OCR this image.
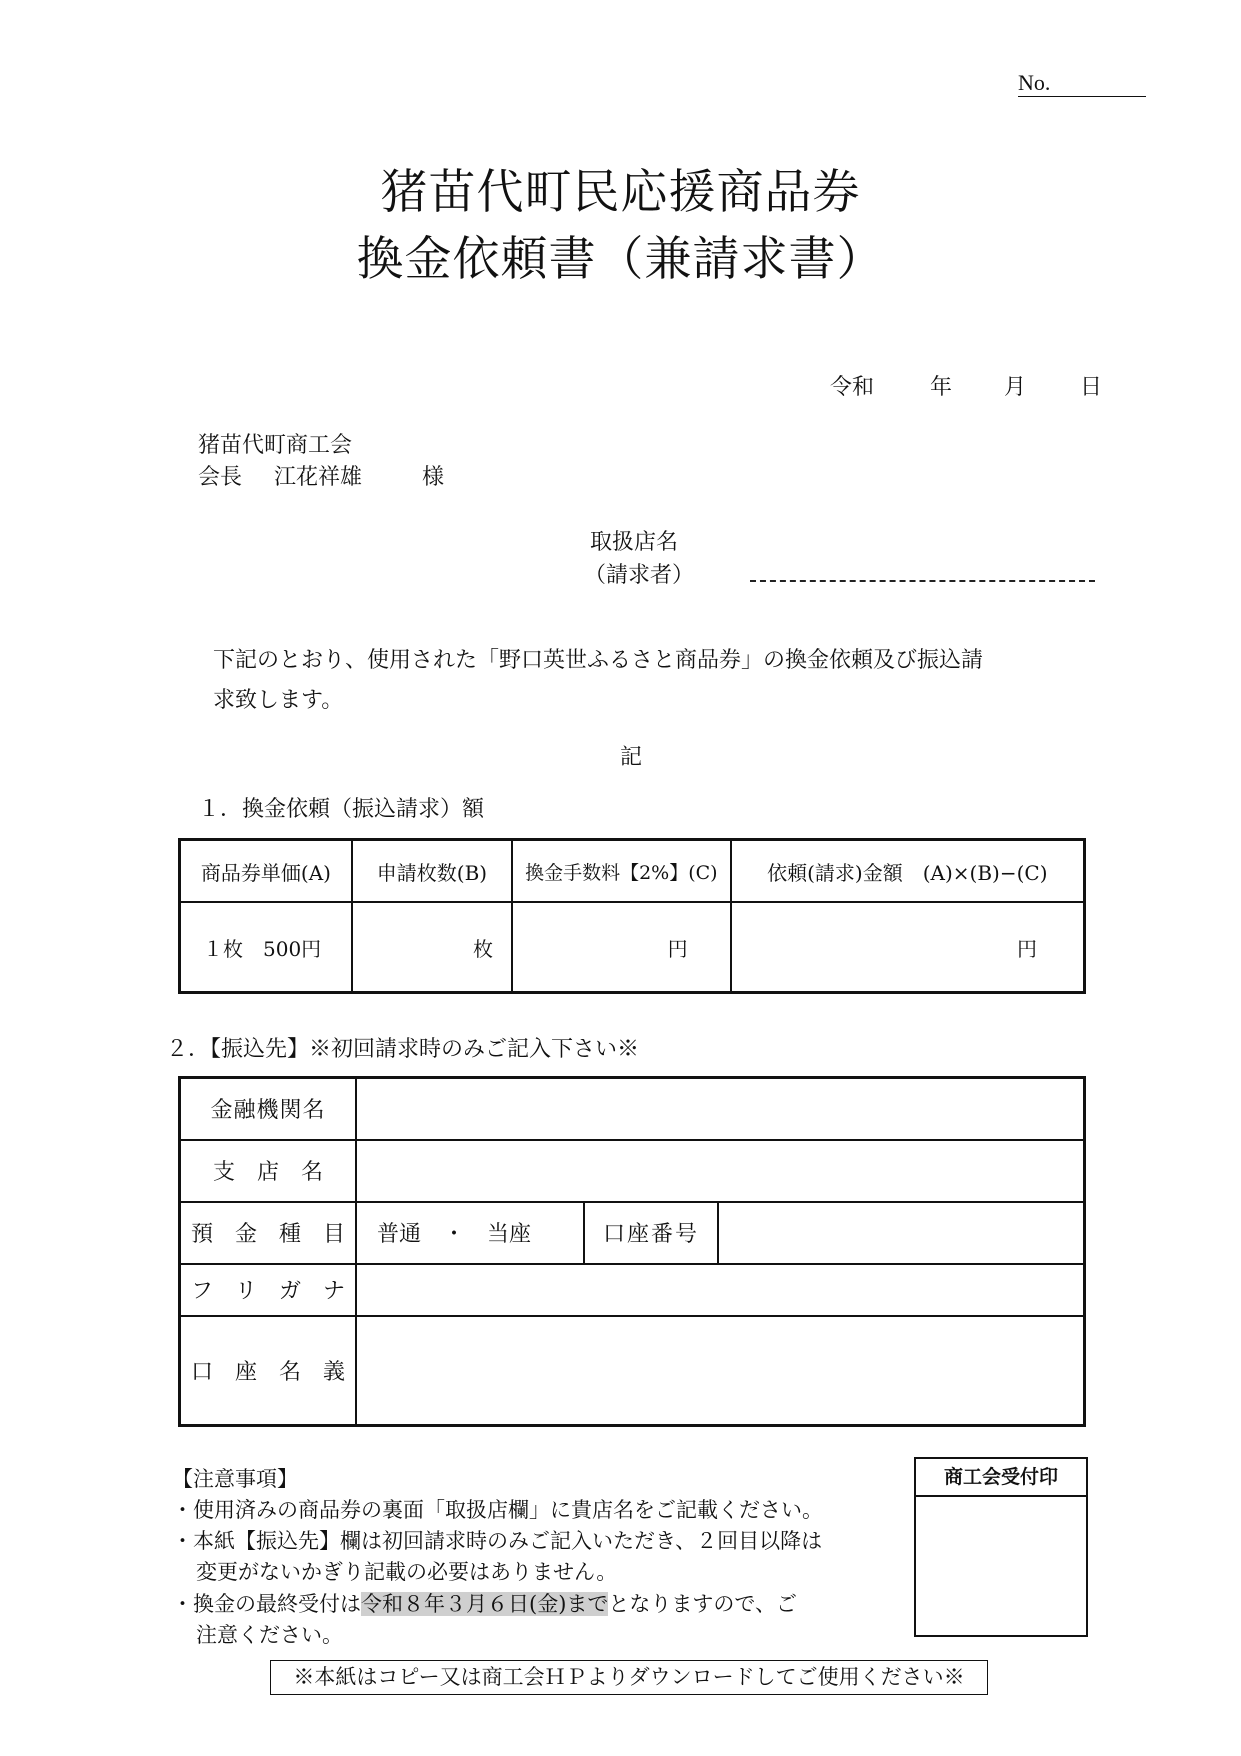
No.
猪苗代町民応援商品券
換金依頼書（兼請求書）
令和	年 月 日
猪苗代町商工会
会長 江花祥雄	様
取扱店名
（請求者）
下記のとおり、使用された「野口英世ふるさと商品券」の換金依頼及び振込請
求致します。
記
１．換金依頼（振込請求）額
商品券単価(A)	申請枚数(B)	換金手数料【2%】(C)	依頼(請求)金額　(A)×(B)−(C)
１枚　500円	枚	円	円
２．【振込先】※初回請求時のみご記入下さい※
金融機関名			
支　店　名			
預　金　種　目	普通　・　当座	口座番号	
フ　リ　ガ　ナ			
口　座　名　義			
【注意事項】
・使用済みの商品券の裏面「取扱店欄」に貴店名をご記載ください。
・本紙【振込先】欄は初回請求時のみご記入いただき、２回目以降は
変更がないかぎり記載の必要はありません。
・換金の最終受付は令和８年３月６日(金)までとなりますので、ご
注意ください。
商工会受付印
※本紙はコピー又は商工会ＨＰよりダウンロードしてご使用ください※
